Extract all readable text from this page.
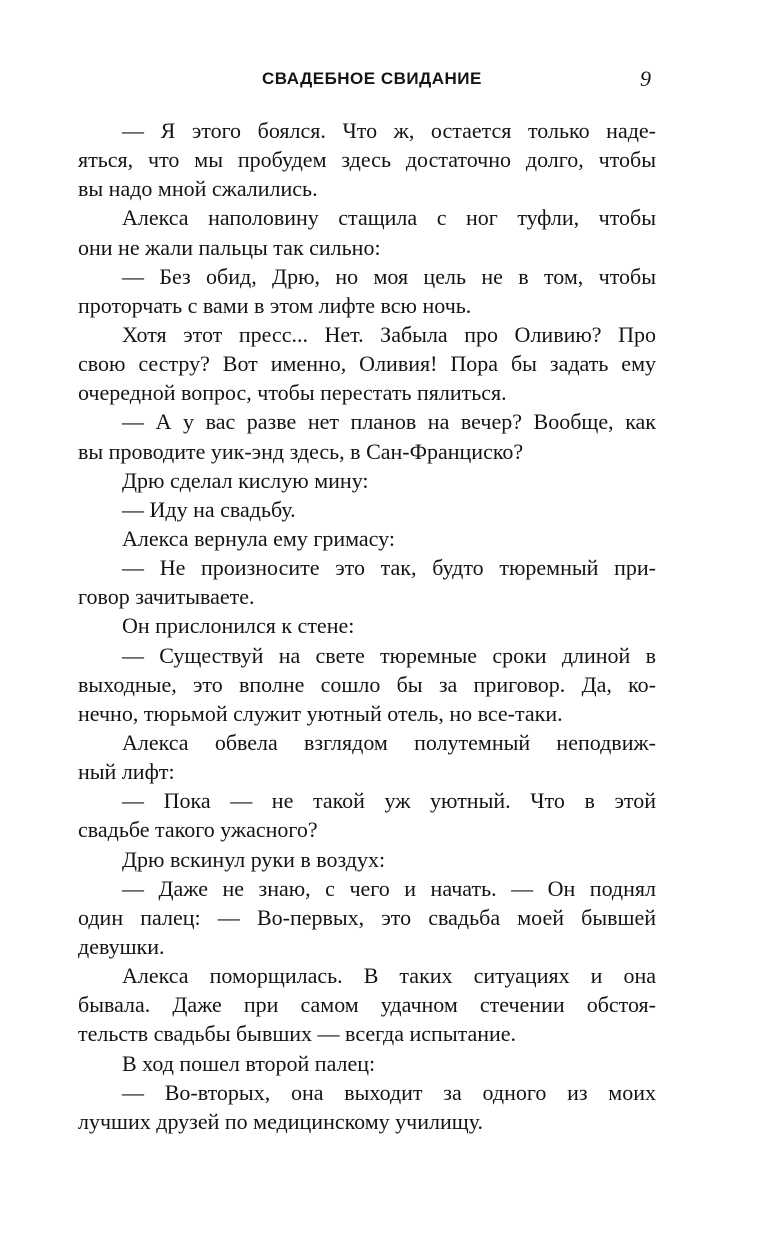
СВАДЕБНОЕ СВИДАНИЕ	9
— Я этого боялся. Что ж, остается только наде-
яться, что мы пробудем здесь достаточно долго, чтобы
вы надо мной сжалились.
Алекса наполовину стащила с ног туфли, чтобы
они не жали пальцы так сильно:
— Без обид, Дрю, но моя цель не в том, чтобы
проторчать с вами в этом лифте всю ночь.
Хотя этот пресс... Нет. Забыла про Оливию? Про
свою сестру? Вот именно, Оливия! Пора бы задать ему
очередной вопрос, чтобы перестать пялиться.
— А у вас разве нет планов на вечер? Вообще, как
вы проводите уик-энд здесь, в Сан-Франциско?
Дрю сделал кислую мину:
— Иду на свадьбу.
Алекса вернула ему гримасу:
— Не произносите это так, будто тюремный при-
говор зачитываете.
Он прислонился к стене:
— Существуй на свете тюремные сроки длиной в
выходные, это вполне сошло бы за приговор. Да, ко-
нечно, тюрьмой служит уютный отель, но все-таки.
Алекса обвела взглядом полутемный неподвиж-
ный лифт:
— Пока — не такой уж уютный. Что в этой
свадьбе такого ужасного?
Дрю вскинул руки в воздух:
— Даже не знаю, с чего и начать. — Он поднял
один палец: — Во-первых, это свадьба моей бывшей
девушки.
Алекса поморщилась. В таких ситуациях и она
бывала. Даже при самом удачном стечении обстоя-
тельств свадьбы бывших — всегда испытание.
В ход пошел второй палец:
— Во-вторых, она выходит за одного из моих
лучших друзей по медицинскому училищу.
